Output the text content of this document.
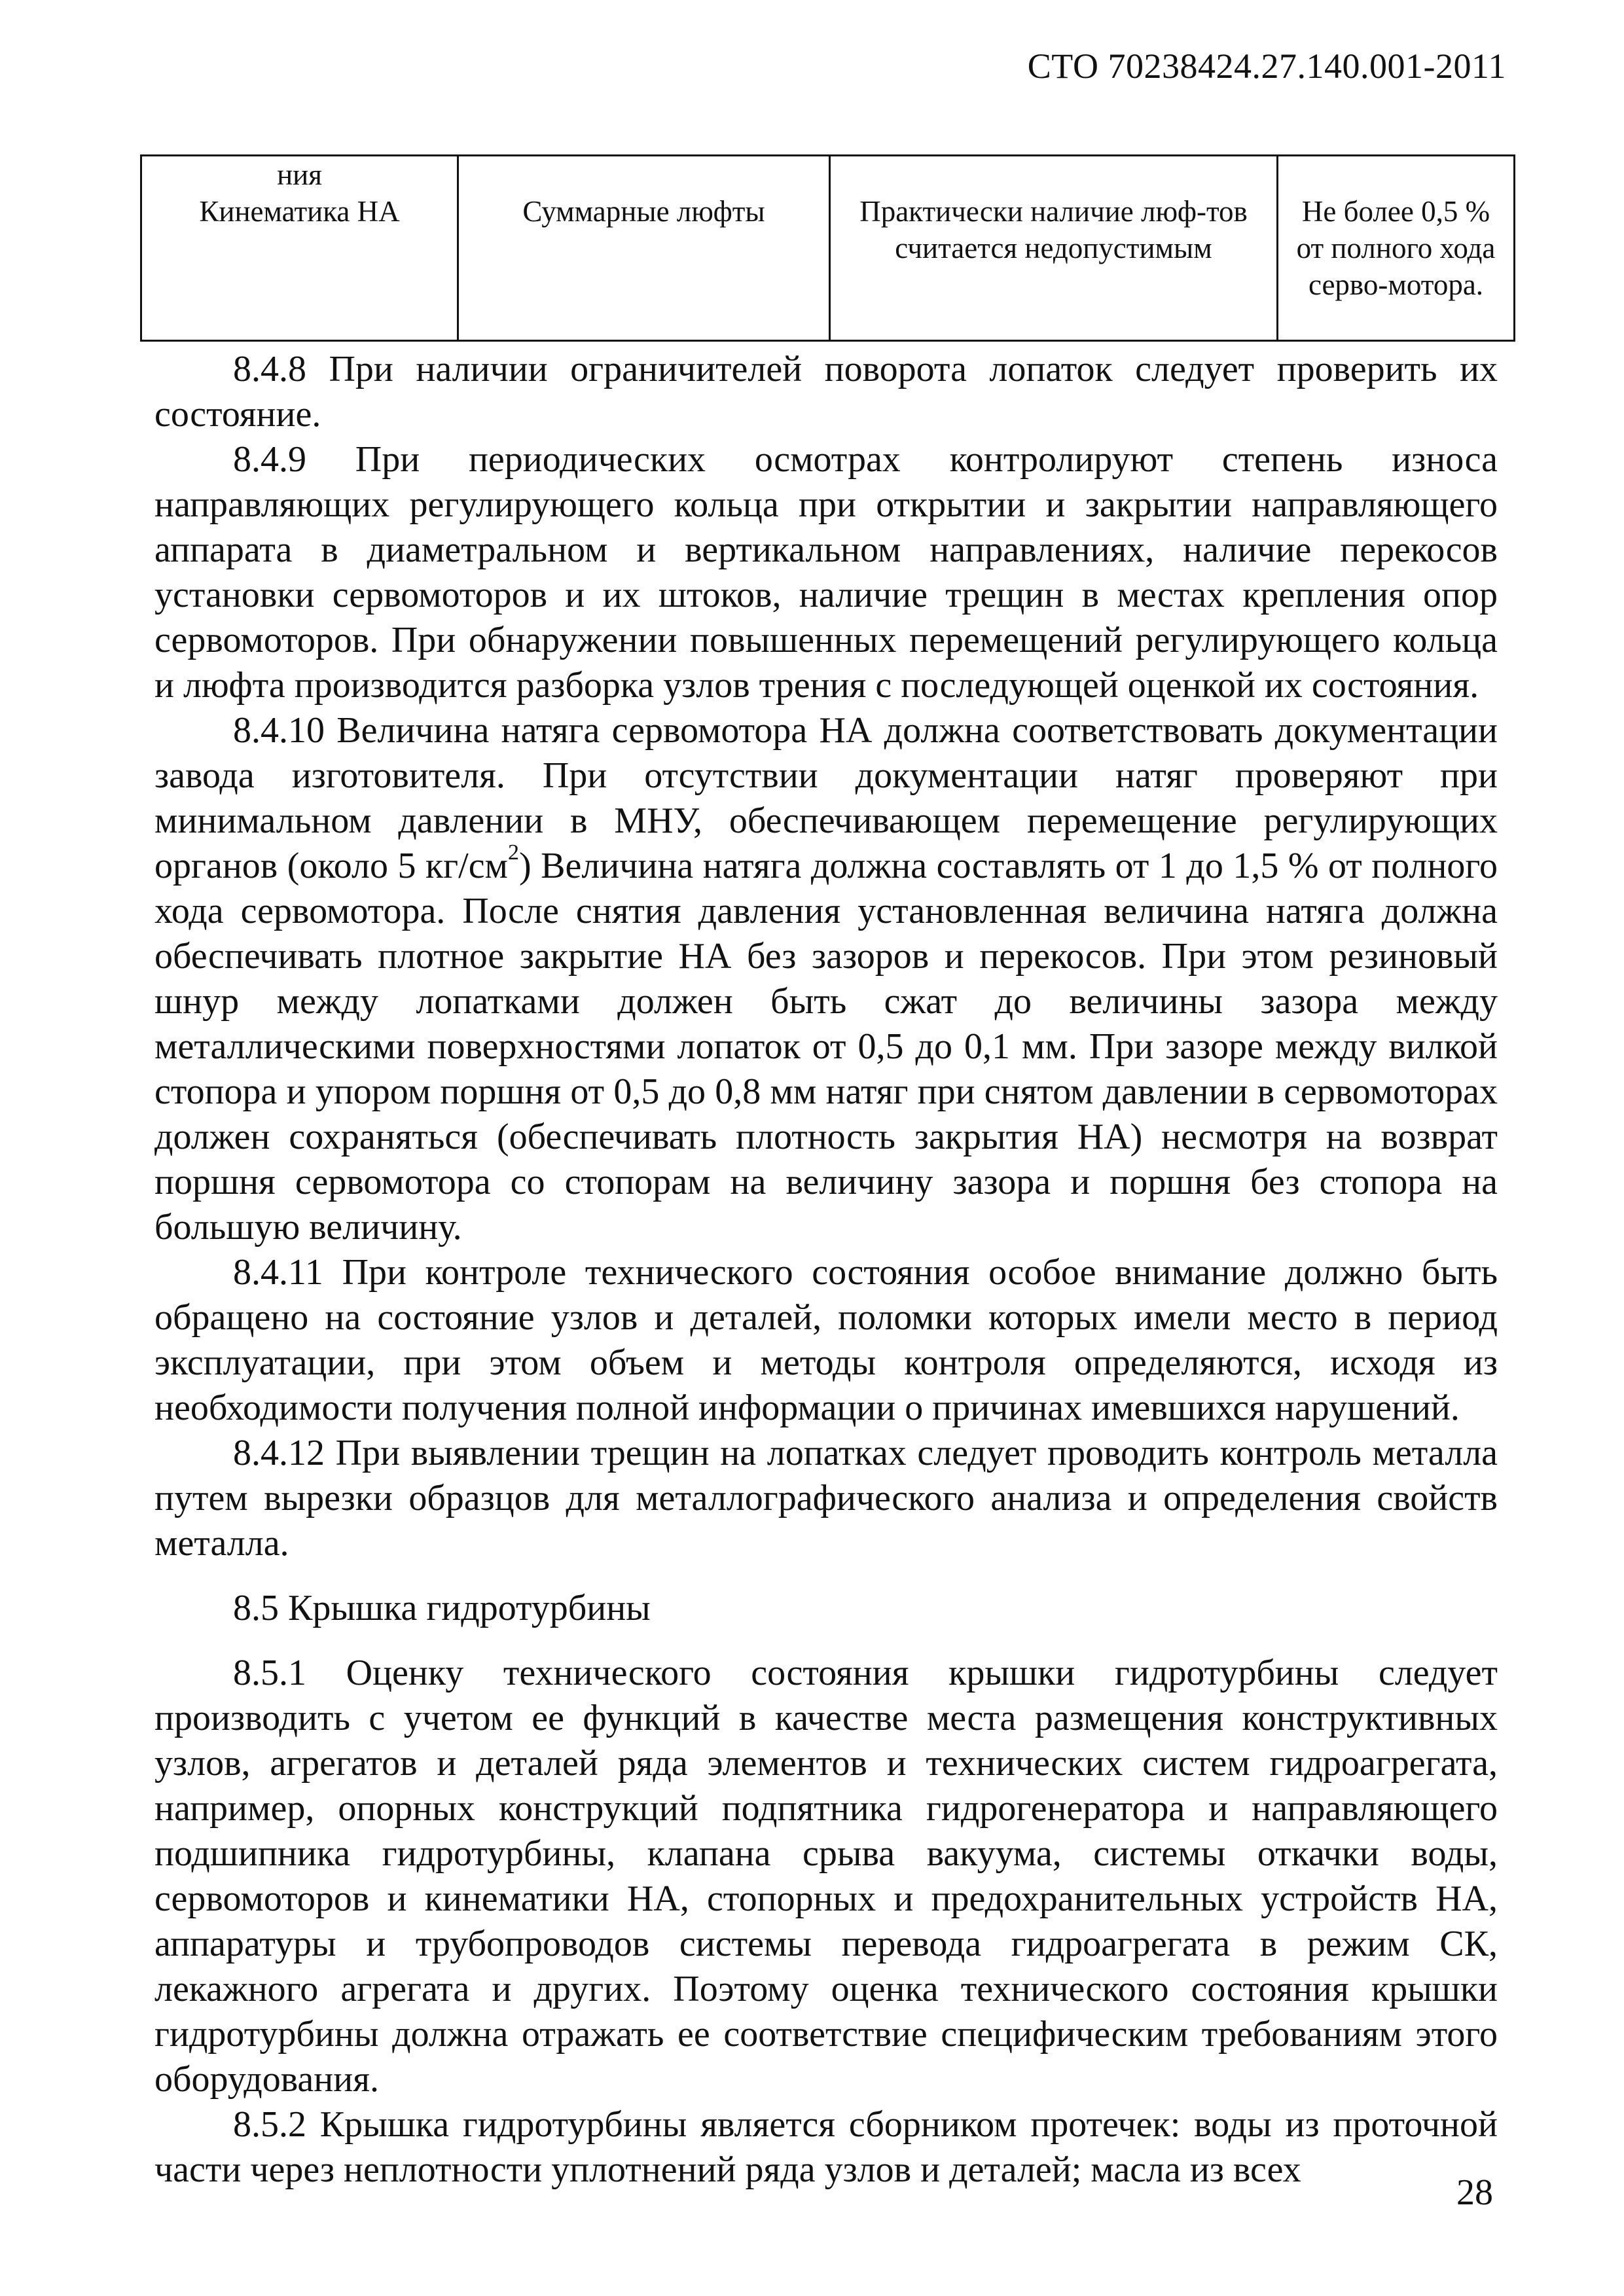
СТО 70238424.27.140.001-2011
ния			
Кинематика НА	Суммарные люфты	Практически наличие люф-тов считается недопустимым	Не более 0,5 % от полного хода серво-мотора.

8.4.8 При наличии ограничителей поворота лопаток следует проверить их состояние.

8.4.9 При периодических осмотрах контролируют степень износа направляющих регулирующего кольца при открытии и закрытии направляющего аппарата в диаметральном и вертикальном направлениях, наличие перекосов установки сервомоторов и их штоков, наличие трещин в местах крепления опор сервомоторов. При обнаружении повышенных перемещений регулирующего кольца и люфта производится разборка узлов трения с последующей оценкой их состояния.

8.4.10 Величина натяга сервомотора НА должна соответствовать документации завода изготовителя. При отсутствии документации натяг проверяют при минимальном давлении в МНУ, обеспечивающем перемещение регулирующих органов (около 5 $кг/см^2$) Величина натяга должна составлять от 1 до 1,5 % от полного хода сервомотора. После снятия давления установленная величина натяга должна обеспечивать плотное закрытие НА без зазоров и перекосов. При этом резиновый шнур между лопатками должен быть сжат до величины зазора между металлическими поверхностями лопаток от 0,5 до 0,1 мм. При зазоре между вилкой стопора и упором поршня от 0,5 до 0,8 мм натяг при снятом давлении в сервомоторах должен сохраняться (обеспечивать плотность закрытия НА) несмотря на возврат поршня сервомотора со стопорам на величину зазора и поршня без стопора на большую величину.

8.4.11 При контроле технического состояния особое внимание должно быть обращено на состояние узлов и деталей, поломки которых имели место в период эксплуатации, при этом объем и методы контроля определяются, исходя из необходимости получения полной информации о причинах имевшихся нарушений.

8.4.12 При выявлении трещин на лопатках следует проводить контроль металла путем вырезки образцов для металлографического анализа и определения свойств металла.

8.5 Крышка гидротурбины

8.5.1 Оценку технического состояния крышки гидротурбины следует производить с учетом ее функций в качестве места размещения конструктивных узлов, агрегатов и деталей ряда элементов и технических систем гидроагрегата, например, опорных конструкций подпятника гидрогенератора и направляющего подшипника гидротурбины, клапана срыва вакуума, системы откачки воды, сервомоторов и кинематики НА, стопорных и предохранительных устройств НА, аппаратуры и трубопроводов системы перевода гидроагрегата в режим СК, лекажного агрегата и других. Поэтому оценка технического состояния крышки гидротурбины должна отражать ее соответствие специфическим требованиям этого оборудования.

8.5.2 Крышка гидротурбины является сборником протечек: воды из проточной части через неплотности уплотнений ряда узлов и деталей; масла из всех

28
